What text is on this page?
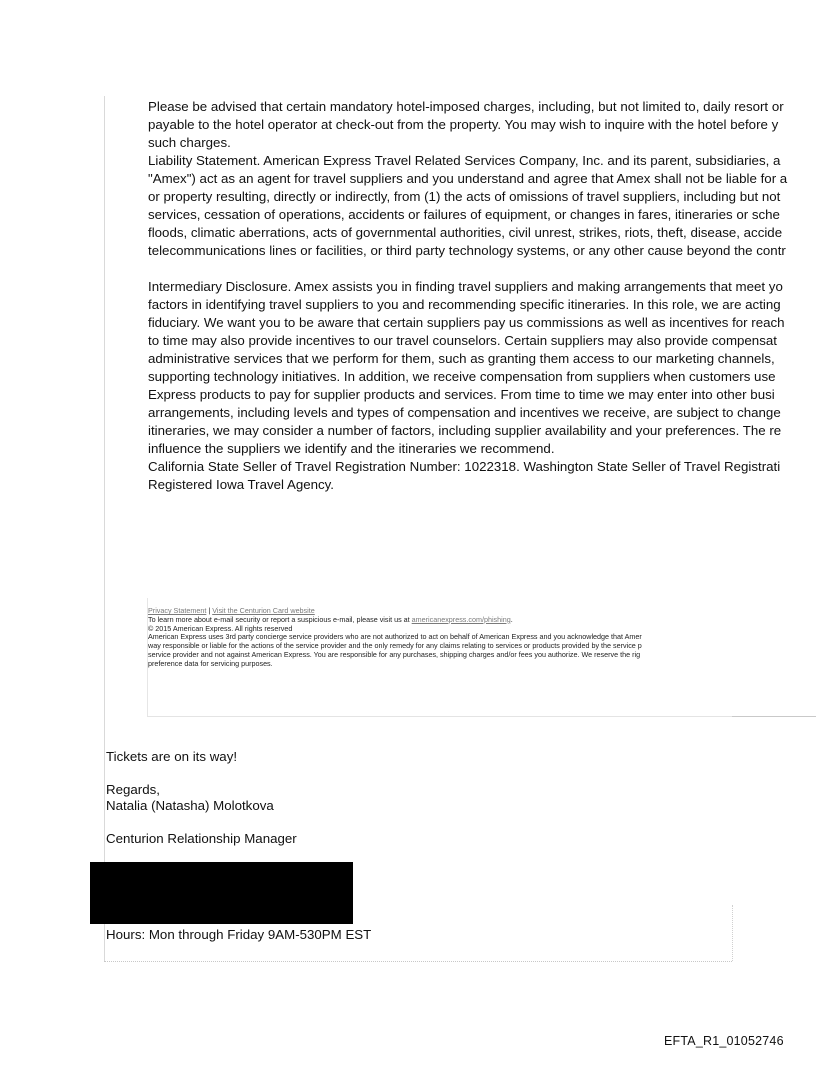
Please be advised that certain mandatory hotel-imposed charges, including, but not limited to, daily resort or
payable to the hotel operator at check-out from the property. You may wish to inquire with the hotel before y
such charges.
Liability Statement. American Express Travel Related Services Company, Inc. and its parent, subsidiaries, a
"Amex") act as an agent for travel suppliers and you understand and agree that Amex shall not be liable for a
or property resulting, directly or indirectly, from (1) the acts of omissions of travel suppliers, including but not
services, cessation of operations, accidents or failures of equipment, or changes in fares, itineraries or sche
floods, climatic aberrations, acts of governmental authorities, civil unrest, strikes, riots, theft, disease, accide
telecommunications lines or facilities, or third party technology systems, or any other cause beyond the contr
Intermediary Disclosure. Amex assists you in finding travel suppliers and making arrangements that meet yo
factors in identifying travel suppliers to you and recommending specific itineraries. In this role, we are acting
fiduciary. We want you to be aware that certain suppliers pay us commissions as well as incentives for reach
to time may also provide incentives to our travel counselors. Certain suppliers may also provide compensat
administrative services that we perform for them, such as granting them access to our marketing channels,
supporting technology initiatives. In addition, we receive compensation from suppliers when customers use
Express products to pay for supplier products and services. From time to time we may enter into other busi
arrangements, including levels and types of compensation and incentives we receive, are subject to change
itineraries, we may consider a number of factors, including supplier availability and your preferences. The re
influence the suppliers we identify and the itineraries we recommend.
California State Seller of Travel Registration Number: 1022318. Washington State Seller of Travel Registrati
Registered Iowa Travel Agency.
Privacy Statement | Visit the Centurion Card website
To learn more about e-mail security or report a suspicious e-mail, please visit us at americanexpress.com/phishing.
© 2015 American Express. All rights reserved
American Express uses 3rd party concierge service providers who are not authorized to act on behalf of American Express and you acknowledge that Amer
way responsible or liable for the actions of the service provider and the only remedy for any claims relating to services or products provided by the service p
service provider and not against American Express. You are responsible for any purchases, shipping charges and/or fees you authorize. We reserve the rig
preference data for servicing purposes.
Tickets are on its way!
Regards,
Natalia (Natasha) Molotkova
Centurion Relationship Manager
Hours: Mon through Friday 9AM-530PM EST
EFTA_R1_01052746
